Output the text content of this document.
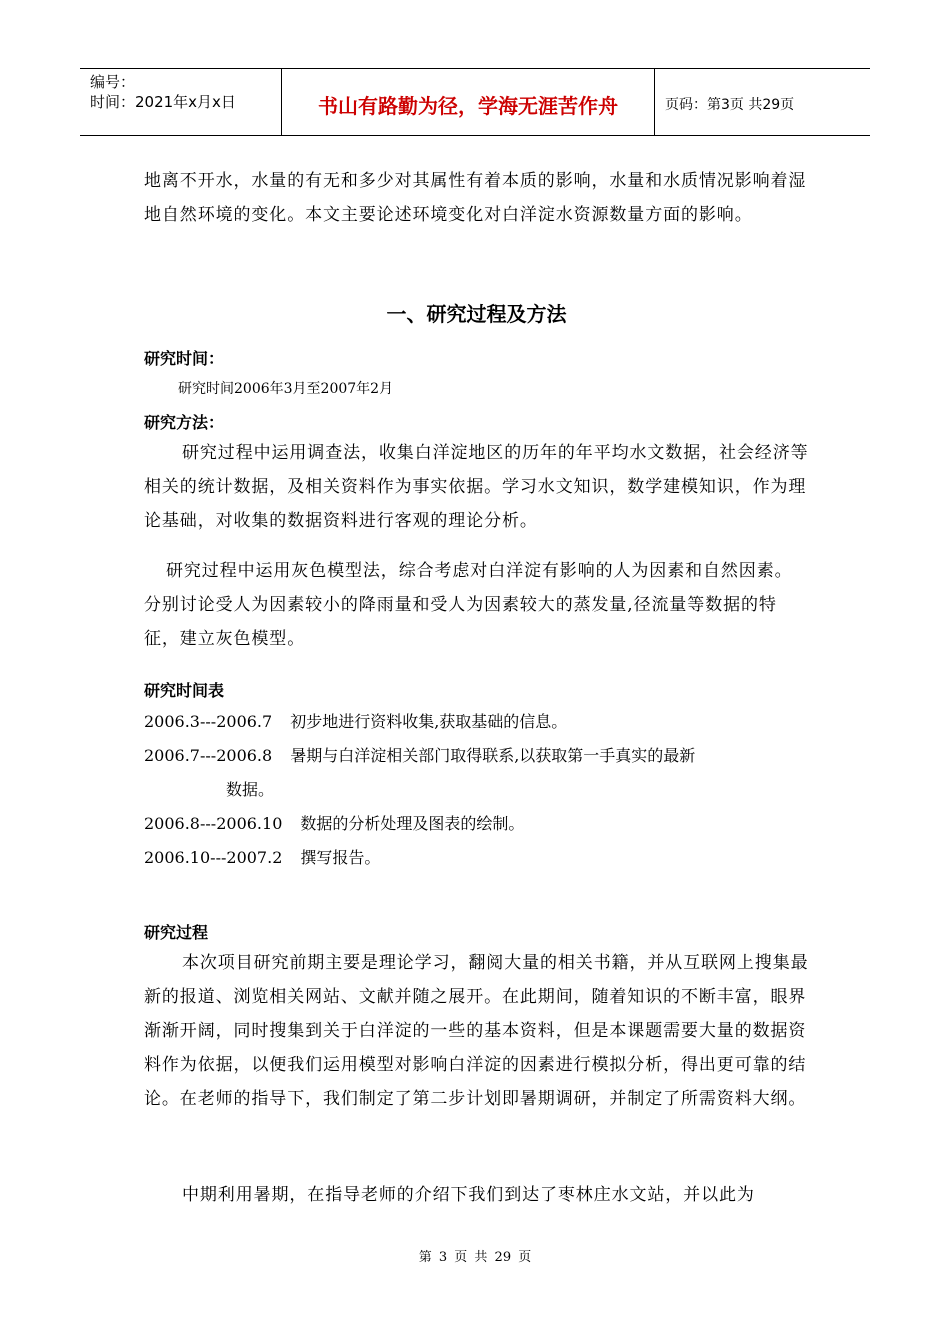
编号：
时间：2021年x月x日	书山有路勤为径，学海无涯苦作舟	页码：第3页 共29页

地离不开水，水量的有无和多少对其属性有着本质的影响，水量和水质情况影响着湿地自然环境的变化。本文主要论述环境变化对白洋淀水资源数量方面的影响。

一、研究过程及方法
研究时间：
研究时间2006年3月至2007年2月
研究方法：

研究过程中运用调查法，收集白洋淀地区的历年的年平均水文数据，社会经济等相关的统计数据，及相关资料作为事实依据。学习水文知识，数学建模知识，作为理论基础，对收集的数据资料进行客观的理论分析。

研究过程中运用灰色模型法，综合考虑对白洋淀有影响的人为因素和自然因素。分别讨论受人为因素较小的降雨量和受人为因素较大的蒸发量,径流量等数据的特征，建立灰色模型。

研究时间表
2006.3---2006.7 初步地进行资料收集,获取基础的信息。
2006.7---2006.8 暑期与白洋淀相关部门取得联系,以获取第一手真实的最新
数据。
2006.8---2006.10 数据的分析处理及图表的绘制。
2006.10---2007.2 撰写报告。
研究过程

本次项目研究前期主要是理论学习，翻阅大量的相关书籍，并从互联网上搜集最新的报道、浏览相关网站、文献并随之展开。在此期间，随着知识的不断丰富，眼界渐渐开阔，同时搜集到关于白洋淀的一些的基本资料，但是本课题需要大量的数据资料作为依据，以便我们运用模型对影响白洋淀的因素进行模拟分析，得出更可靠的结论。在老师的指导下，我们制定了第二步计划即暑期调研，并制定了所需资料大纲。

中期利用暑期，在指导老师的介绍下我们到达了枣林庄水文站，并以此为

第 3 页 共 29 页
